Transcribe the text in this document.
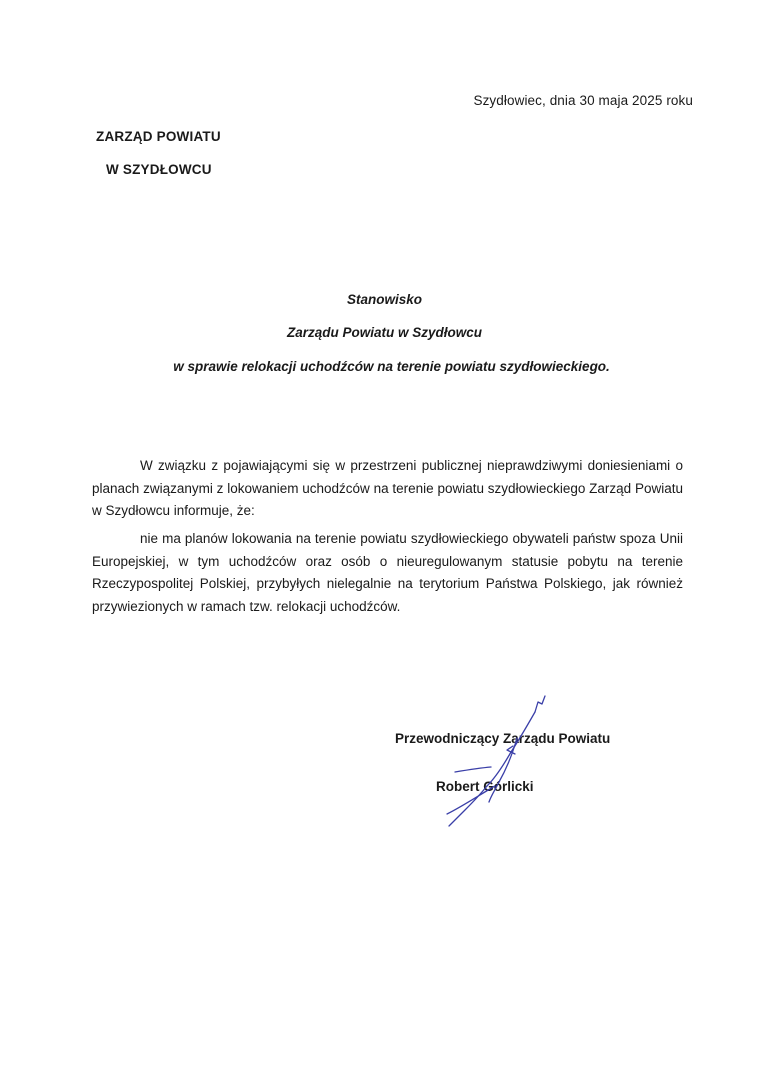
Szydłowiec, dnia 30 maja 2025 roku
ZARZĄD POWIATU
W SZYDŁOWCU
Stanowisko
Zarządu Powiatu w Szydłowcu
w sprawie relokacji uchodźców na terenie powiatu szydłowieckiego.
W związku z pojawiającymi się w przestrzeni publicznej nieprawdziwymi doniesieniami o planach związanymi z lokowaniem uchodźców na terenie powiatu szydłowieckiego Zarząd Powiatu w Szydłowcu informuje, że:
nie ma planów lokowania na terenie powiatu szydłowieckiego obywateli państw spoza Unii Europejskiej, w tym uchodźców oraz osób o nieuregulowanym statusie pobytu na terenie Rzeczypospolitej Polskiej, przybyłych nielegalnie na terytorium Państwa Polskiego, jak również przywiezionych w ramach tzw. relokacji uchodźców.
Przewodniczący Zarządu Powiatu
Robert Górlicki
